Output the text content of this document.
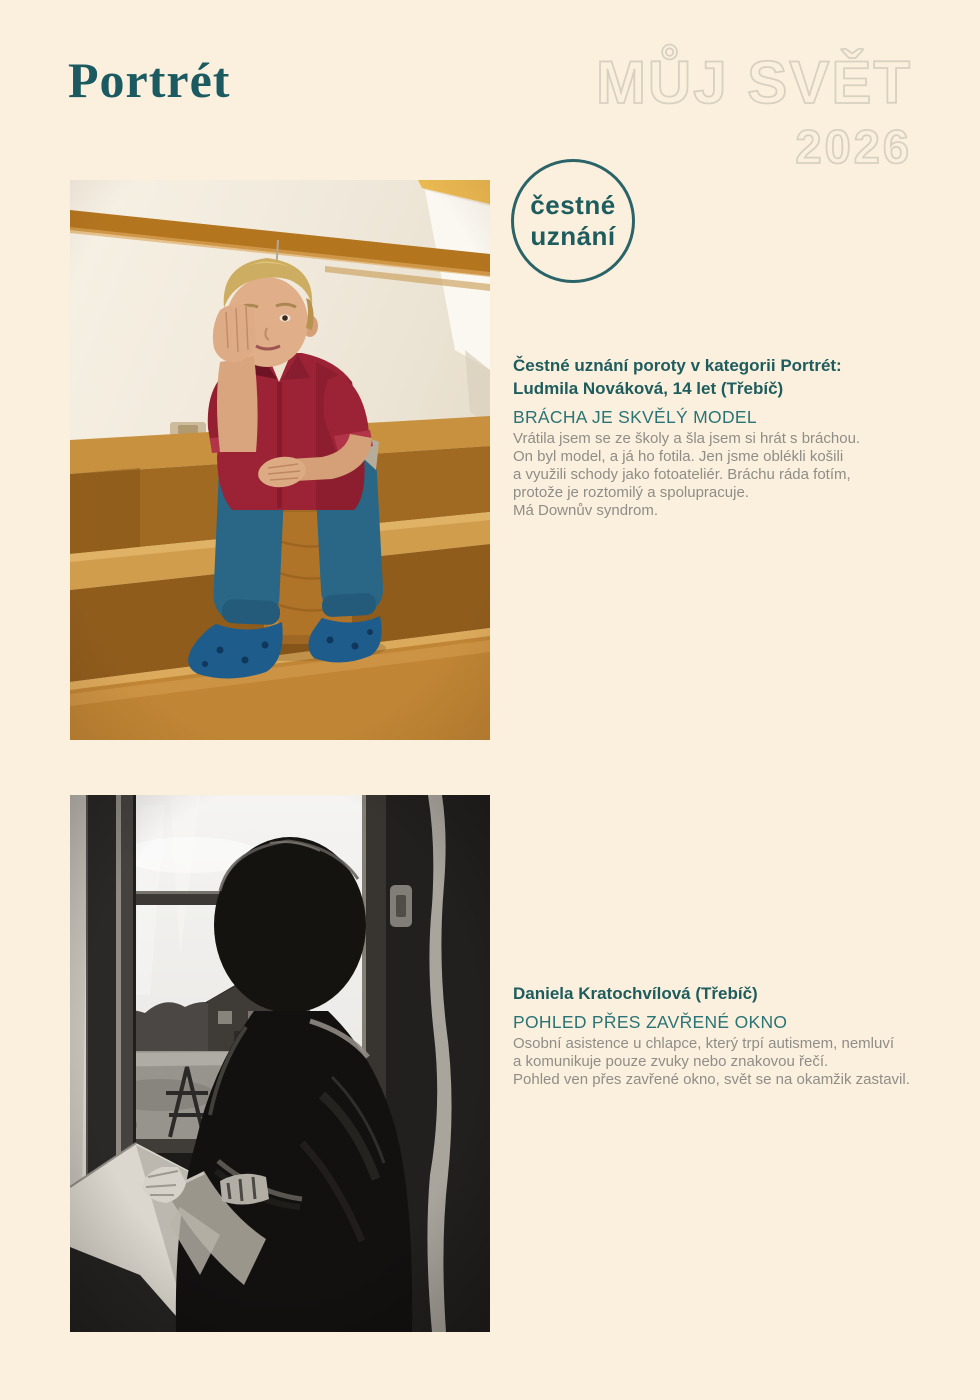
Portrét	MŮJ SVĚT
2026
čestné
uznání
Čestné uznání poroty v kategorii Portrét:
Ludmila Nováková, 14 let (Třebíč)
BRÁCHA JE SKVĚLÝ MODEL
Vrátila jsem se ze školy a šla jsem si hrát s bráchou.
On byl model, a já ho fotila. Jen jsme oblékli košili
a využili schody jako fotoateliér. Bráchu ráda fotím,
protože je roztomilý a spolupracuje.
Má Downův syndrom.
Daniela Kratochvílová (Třebíč)
POHLED PŘES ZAVŘENÉ OKNO
Osobní asistence u chlapce, který trpí autismem, nemluví
a komunikuje pouze zvuky nebo znakovou řečí.
Pohled ven přes zavřené okno, svět se na okamžik zastavil.
